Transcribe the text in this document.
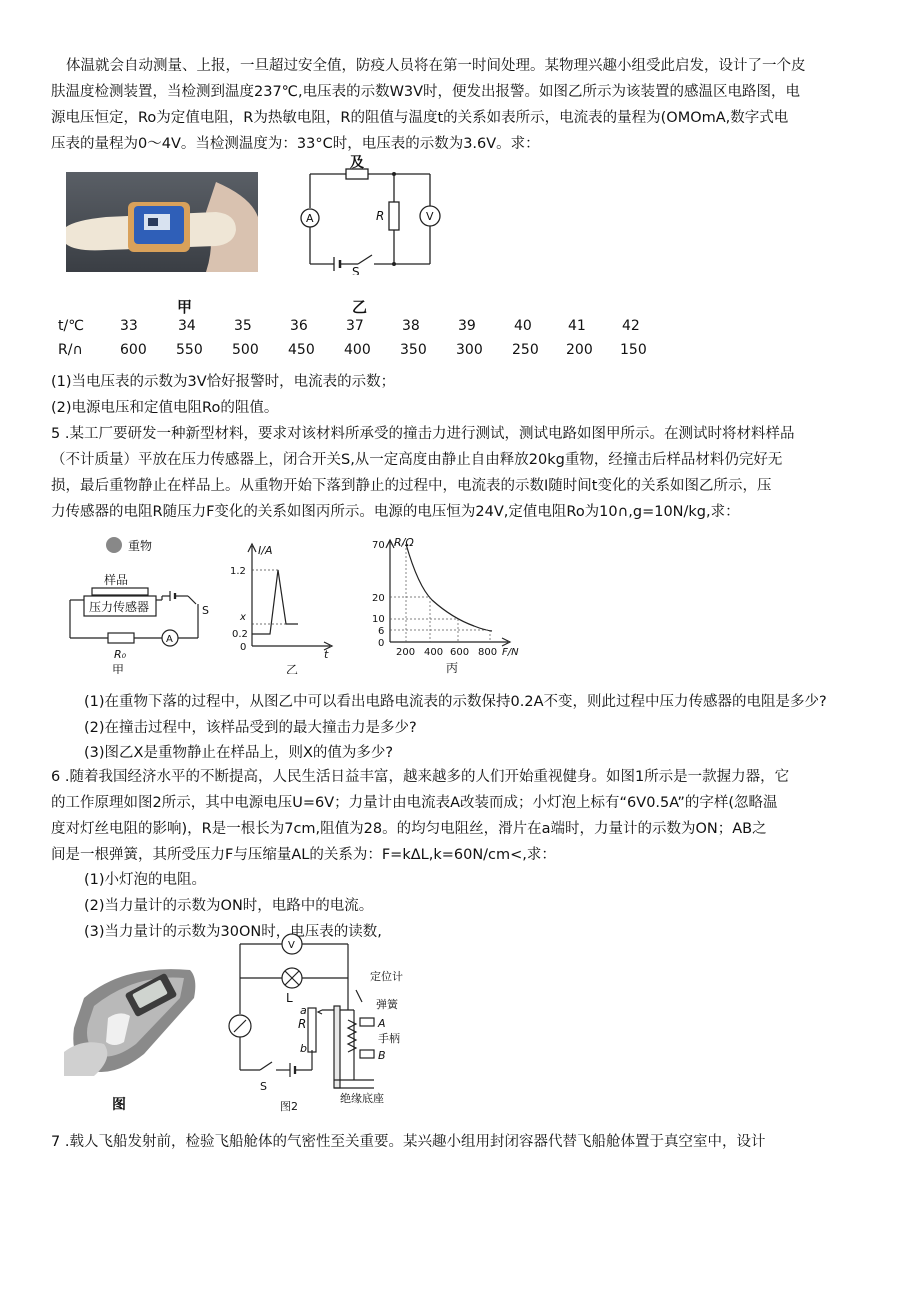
体温就会自动测量、上报，一旦超过安全值，防疫人员将在第一时间处理。某物理兴趣小组受此启发，设计了一个皮
肤温度检测装置，当检测到温度237℃,电压表的示数W3V时，便发出报警。如图乙所示为该装置的感温区电路图，电
源电压恒定，Ro为定值电阻，R为热敏电阻，R的阻值与温度t的关系如表所示，电流表的量程为(OMOmA,数字式电
压表的量程为0～4V。当检测温度为：33°C时，电压表的示数为3.6V。求：
及
A	V
R
S
甲	乙
t/℃	33	34	35	36	37	38	39	40	41	42
R/∩	600 550 500 450 400 350 300 250 200 150
(1)当电压表的示数为3V恰好报警时，电流表的示数；
(2)电源电压和定值电阻Ro的阻值。
5 .某工厂要研发一种新型材料，要求对该材料所承受的撞击力进行测试，测试电路如图甲所示。在测试时将材料样品
（不计质量）平放在压力传感器上，闭合开关S,从一定高度由静止自由释放20kg重物，经撞击后样品材料仍完好无
损，最后重物静止在样品上。从重物开始下落到静止的过程中，电流表的示数I随时间t变化的关系如图乙所示，压
力传感器的电阻R随压力F变化的关系如图丙所示。电源的电压恒为24V,定值电阻Ro为10∩,g=10N∕kg,求：
重物
样品
压力传感器	S
A
R₀
甲
I/A
1.2
x
0.2
0
t
乙
R/Ω
70
20
10
6
0
200 400 600 800 F/N
丙
(1)在重物下落的过程中，从图乙中可以看出电路电流表的示数保持0.2A不变，则此过程中压力传感器的电阻是多少?
(2)在撞击过程中，该样品受到的最大撞击力是多少?
(3)图乙X是重物静止在样品上，则X的值为多少?
6 .随着我国经济水平的不断提高，人民生活日益丰富，越来越多的人们开始重视健身。如图1所示是一款握力器，它
的工作原理如图2所示，其中电源电压U=6V；力量计由电流表A改装而成；小灯泡上标有“6V0.5A”的字样(忽略温
度对灯丝电阻的影响)，R是一根长为7cm,阻值为28。的均匀电阻丝，滑片在a端时，力量计的示数为ON；AB之
间是一根弹簧，其所受压力F与压缩量AL的关系为：F=kΔL,k=60N∕cm<,求：
(1)小灯泡的电阻。
(2)当力量计的示数为ON时，电路中的电流。
(3)当力量计的示数为30ON时，电压表的读数,
图
V
L
R
a
b
S
定位计
弹簧
A
手柄
B
绝缘底座
图2
7 .载人飞船发射前，检验飞船舱体的气密性至关重要。某兴趣小组用封闭容器代替飞船舱体置于真空室中，设计
